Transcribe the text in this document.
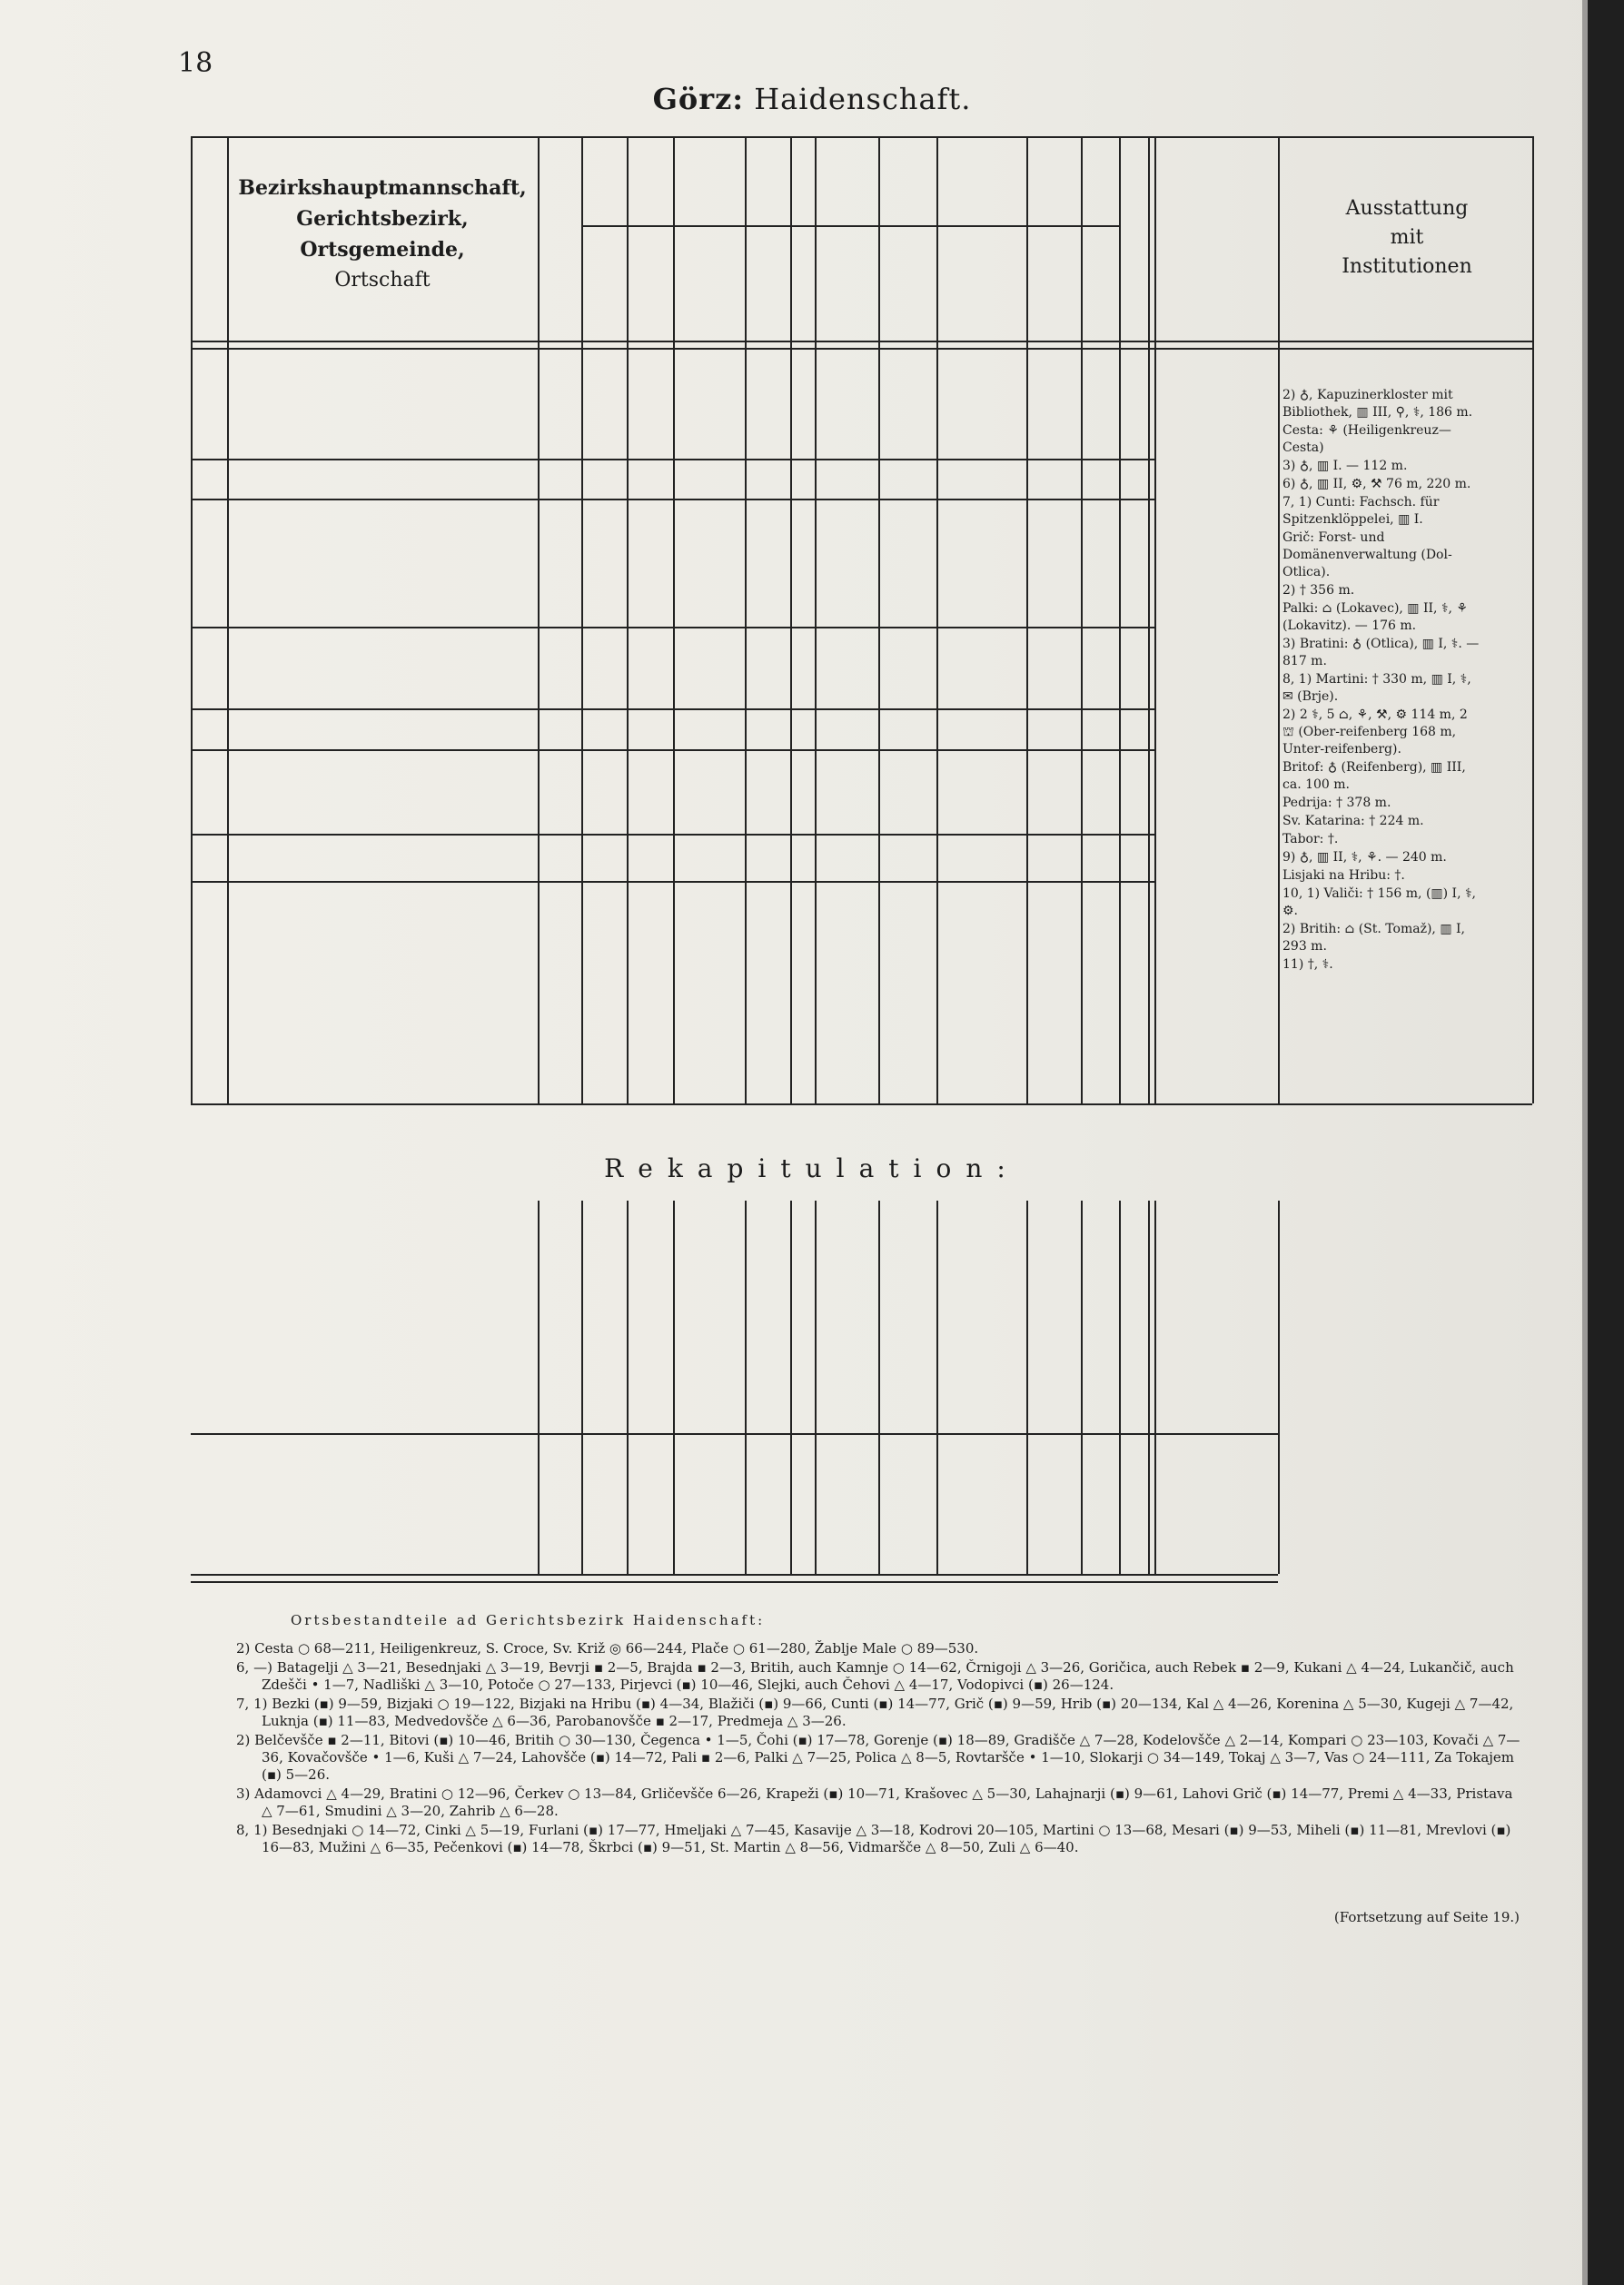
18
Görz: Haidenschaft.
Bezirkshauptmannschaft,
Gerichtsbezirk,
Ortsgemeinde,
Ortschaft
Ausstattung
mit
Institutionen
Rekapitulation:
2) ♁, Kapuzinerkloster mit Bibliothek, ▥ III, ⚲, ⚕, 186 m.
Cesta: ⚘ (Heiligenkreuz—Cesta)
3) ♁, ▥ I. — 112 m.
6) ♁, ▥ II, ⚙, ⚒ 76 m, 220 m.
7, 1) Cunti: Fachsch. für Spitzenklöppelei, ▥ I.
Grič: Forst- und Domänenverwaltung (Dol-Otlica).
2) † 356 m.
Palki: ⌂ (Lokavec), ▥ II, ⚕, ⚘ (Lokavitz). — 176 m.
3) Bratini: ♁ (Otlica), ▥ I, ⚕. — 817 m.
8, 1) Martini: † 330 m, ▥ I, ⚕, ✉ (Brje).
2) 2 ⚕, 5 ⌂, ⚘, ⚒, ⚙ 114 m, 2 ⛫ (Ober-reifenberg 168 m, Unter-reifenberg).
Britof: ♁ (Reifenberg), ▥ III, ca. 100 m.
Pedrija: † 378 m.
Sv. Katarina: † 224 m.
Tabor: †.
9) ♁, ▥ II, ⚕, ⚘. — 240 m.
Lisjaki na Hribu: †.
10, 1) Valiči: † 156 m, (▥) I, ⚕, ⚙.
2) Britih: ⌂ (St. Tomaž), ▥ I, 293 m.
11) †, ⚕.
Ortsbestandteile ad Gerichtsbezirk Haidenschaft:
2) Cesta ○ 68—211, Heiligenkreuz, S. Croce, Sv. Križ ◎ 66—244, Plače ○ 61—280, Žablje Male ○ 89—530.
6, —) Batagelji △ 3—21, Besednjaki △ 3—19, Bevrji ▪ 2—5, Brajda ▪ 2—3, Britih, auch Kamnje ○ 14—62, Črnigoji △ 3—26, Goričica, auch Rebek ▪ 2—9, Kukani △ 4—24, Lukančič, auch Zdešči • 1—7, Nadliški △ 3—10, Potoče ○ 27—133, Pirjevci (▪) 10—46, Slejki, auch Čehovi △ 4—17, Vodopivci (▪) 26—124.
7, 1) Bezki (▪) 9—59, Bizjaki ○ 19—122, Bizjaki na Hribu (▪) 4—34, Blažiči (▪) 9—66, Cunti (▪) 14—77, Grič (▪) 9—59, Hrib (▪) 20—134, Kal △ 4—26, Korenina △ 5—30, Kugeji △ 7—42, Luknja (▪) 11—83, Medvedovšče △ 6—36, Parobanovšče ▪ 2—17, Predmeja △ 3—26.
2) Belčevšče ▪ 2—11, Bitovi (▪) 10—46, Britih ○ 30—130, Čegenca • 1—5, Čohi (▪) 17—78, Gorenje (▪) 18—89, Gradišče △ 7—28, Kodelovšče △ 2—14, Kompari ○ 23—103, Kovači △ 7—36, Kovačovšče • 1—6, Kuši △ 7—24, Lahovšče (▪) 14—72, Pali ▪ 2—6, Palki △ 7—25, Polica △ 8—5, Rovtaršče • 1—10, Slokarji ○ 34—149, Tokaj △ 3—7, Vas ○ 24—111, Za Tokajem (▪) 5—26.
3) Adamovci △ 4—29, Bratini ○ 12—96, Čerkev ○ 13—84, Grličevšče 6—26, Krapeži (▪) 10—71, Krašovec △ 5—30, Lahajnarji (▪) 9—61, Lahovi Grič (▪) 14—77, Premi △ 4—33, Pristava △ 7—61, Smudini △ 3—20, Zahrib △ 6—28.
8, 1) Besednjaki ○ 14—72, Cinki △ 5—19, Furlani (▪) 17—77, Hmeljaki △ 7—45, Kasavije △ 3—18, Kodrovi 20—105, Martini ○ 13—68, Mesari (▪) 9—53, Miheli (▪) 11—81, Mrevlovi (▪) 16—83, Mužini △ 6—35, Pečenkovi (▪) 14—78, Škrbci (▪) 9—51, St. Martin △ 8—56, Vidmaršče △ 8—50, Zuli △ 6—40.
(Fortsetzung auf Seite 19.)
